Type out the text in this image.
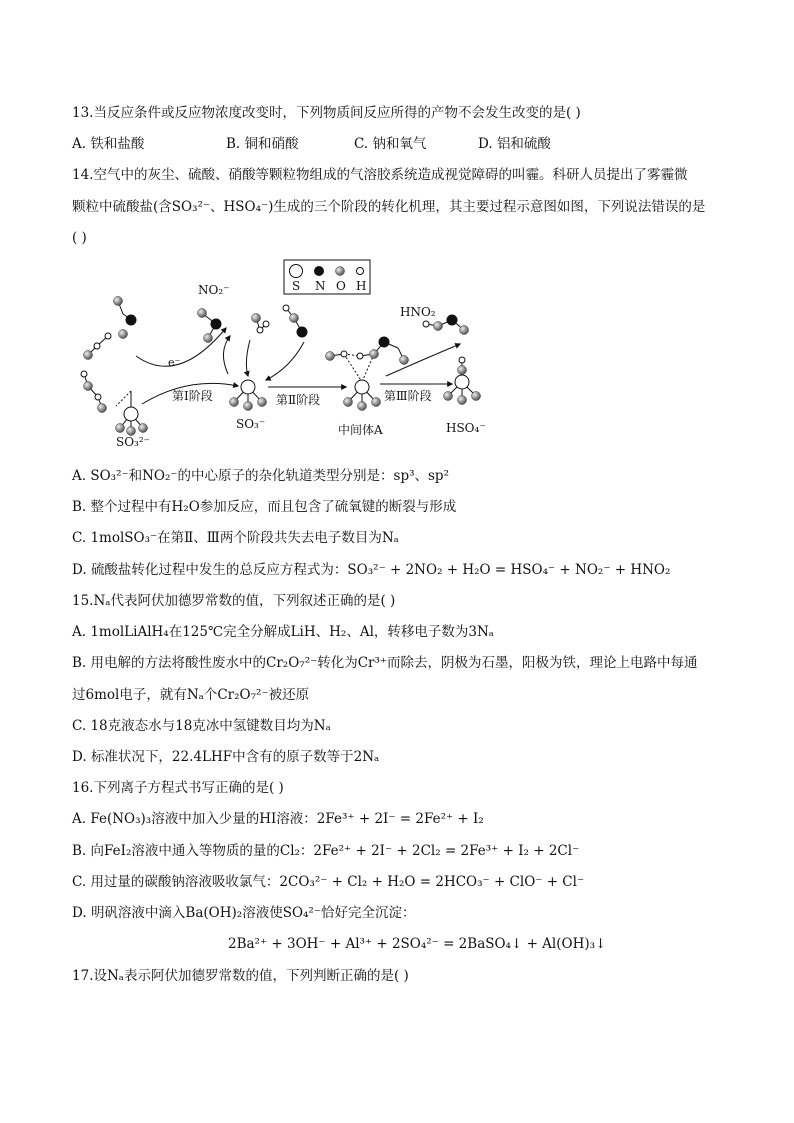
13.当反应条件或反应物浓度改变时，下列物质间反应所得的产物不会发生改变的是( )
A. 铁和盐酸	B. 铜和硝酸	C. 钠和氧气	D. 铝和硫酸
14.空气中的灰尘、硫酸、硝酸等颗粒物组成的气溶胶系统造成视觉障碍的叫霾。科研人员提出了雾霾微
颗粒中硫酸盐(含SO₃²⁻、HSO₄⁻)生成的三个阶段的转化机理，其主要过程示意图如图，下列说法错误的是
( )
S N O H
SO₃²⁻
NO₂⁻
e⁻
第Ⅰ阶段
SO₃⁻
第Ⅱ阶段
中间体A
HNO₂
第Ⅲ阶段
HSO₄⁻
A. SO₃²⁻和NO₂⁻的中心原子的杂化轨道类型分别是：sp³、sp²
B. 整个过程中有H₂O参加反应，而且包含了硫氧键的断裂与形成
C. 1molSO₃⁻在第Ⅱ、Ⅲ两个阶段共失去电子数目为Nₐ
D. 硫酸盐转化过程中发生的总反应方程式为：SO₃²⁻ + 2NO₂ + H₂O = HSO₄⁻ + NO₂⁻ + HNO₂
15.Nₐ代表阿伏加德罗常数的值，下列叙述正确的是( )
A. 1molLiAlH₄在125℃完全分解成LiH、H₂、Al，转移电子数为3Nₐ
B. 用电解的方法将酸性废水中的Cr₂O₇²⁻转化为Cr³⁺而除去，阴极为石墨，阳极为铁，理论上电路中每通
过6mol电子，就有Nₐ个Cr₂O₇²⁻被还原
C. 18克液态水与18克冰中氢键数目均为Nₐ
D. 标准状况下，22.4LHF中含有的原子数等于2Nₐ
16.下列离子方程式书写正确的是( )
A. Fe(NO₃)₃溶液中加入少量的HI溶液：2Fe³⁺ + 2I⁻ = 2Fe²⁺ + I₂
B. 向FeI₂溶液中通入等物质的量的Cl₂：2Fe²⁺ + 2I⁻ + 2Cl₂ = 2Fe³⁺ + I₂ + 2Cl⁻
C. 用过量的碳酸钠溶液吸收氯气：2CO₃²⁻ + Cl₂ + H₂O = 2HCO₃⁻ + ClO⁻ + Cl⁻
D. 明矾溶液中滴入Ba(OH)₂溶液使SO₄²⁻恰好完全沉淀：
2Ba²⁺ + 3OH⁻ + Al³⁺ + 2SO₄²⁻ = 2BaSO₄↓ + Al(OH)₃↓
17.设Nₐ表示阿伏加德罗常数的值，下列判断正确的是( )
